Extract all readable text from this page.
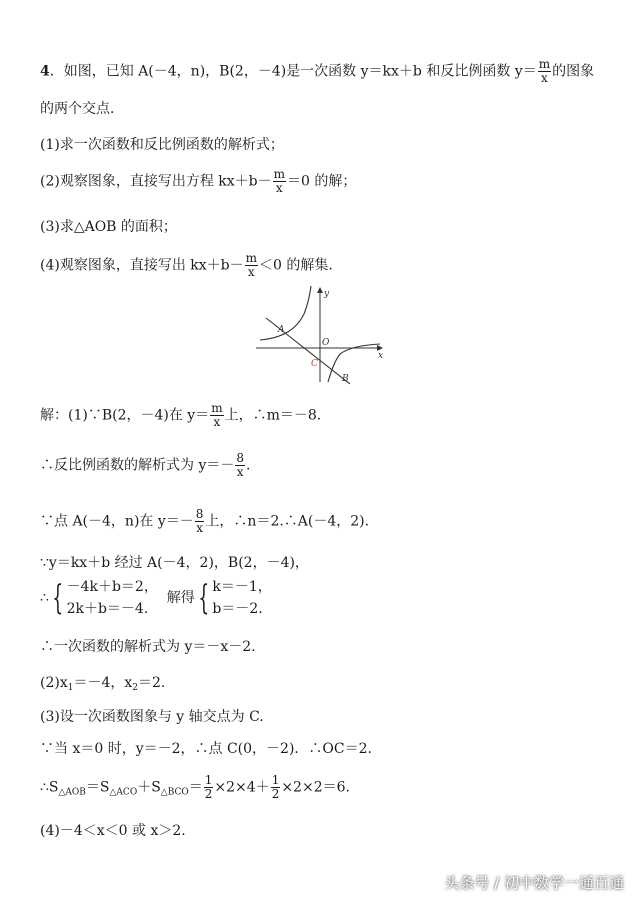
4．如图，已知 A(－4，n)，B(2，－4)是一次函数 y＝kx＋b 和反比例函数 $y= \frac{m}{x}$ 的图象
的两个交点．
(1)求一次函数和反比例函数的解析式；
(2)观察图象，直接写出方程 $kx+b- \frac{m}{x} =0$ 的解；
(3)求△AOB 的面积；
(4)观察图象，直接写出 $kx+b- \frac{m}{x} <0$ 的解集.
y
x
A
O
C
B
解：(1)∵B(2，－4)在 $y= \frac{m}{x}$ 上，∴m＝－8.
∴反比例函数的解析式为 $y=- \frac{8}{x}$ .
∵点 A(－4，n)在 $y=- \frac{8}{x}$ 上，∴n＝2.∴A(－4，2).
∵y＝kx＋b 经过 A(－4，2)，B(2，－4)，
∴ { －4k＋b＝2，
2k＋b＝－4.
解得 { k＝－1，
b＝－2.
∴一次函数的解析式为 y＝－x－2.
$(2)x_1=-4$，$x_2=2$.
(3)设一次函数图象与 y 轴交点为 C.
∵当 x＝0 时，y＝－2，∴点 C(0，－2)．∴OC＝2.
$\therefore S_{\triangle AOB}=S_{\triangle ACO}+S_{\triangle BCO}= \frac{1}{2} \times 2\times 4+ \frac{1}{2} \times 2\times 2=6$.
(4)－4＜x＜0 或 x＞2.
头条号 / 初中数学一通百通
